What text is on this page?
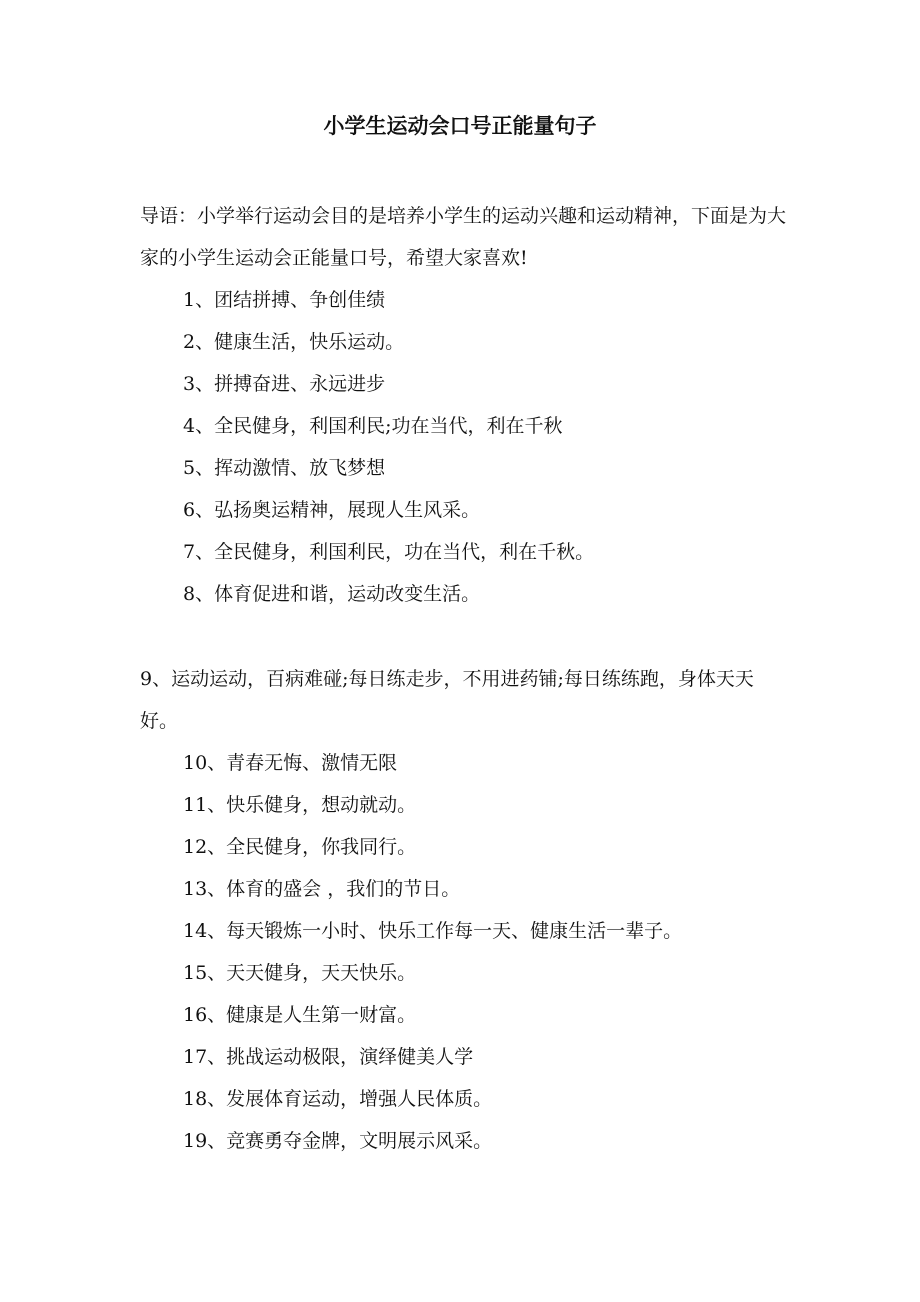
小学生运动会口号正能量句子

导语：小学举行运动会目的是培养小学生的运动兴趣和运动精神，下面是为大家的小学生运动会正能量口号，希望大家喜欢!

1、团结拼搏、争创佳绩
2、健康生活，快乐运动。
3、拼搏奋进、永远进步
4、全民健身，利国利民;功在当代，利在千秋
5、挥动激情、放飞梦想
6、弘扬奥运精神，展现人生风采。
7、全民健身，利国利民，功在当代，利在千秋。
8、体育促进和谐，运动改变生活。

9、运动运动，百病难碰;每日练走步，不用进药铺;每日练练跑，身体天天好。

10、青春无悔、激情无限
11、快乐健身，想动就动。
12、全民健身，你我同行。
13、体育的盛会 ，我们的节日。
14、每天锻炼一小时、快乐工作每一天、健康生活一辈子。
15、天天健身，天天快乐。
16、健康是人生第一财富。
17、挑战运动极限，演绎健美人学
18、发展体育运动，增强人民体质。
19、竞赛勇夺金牌，文明展示风采。
